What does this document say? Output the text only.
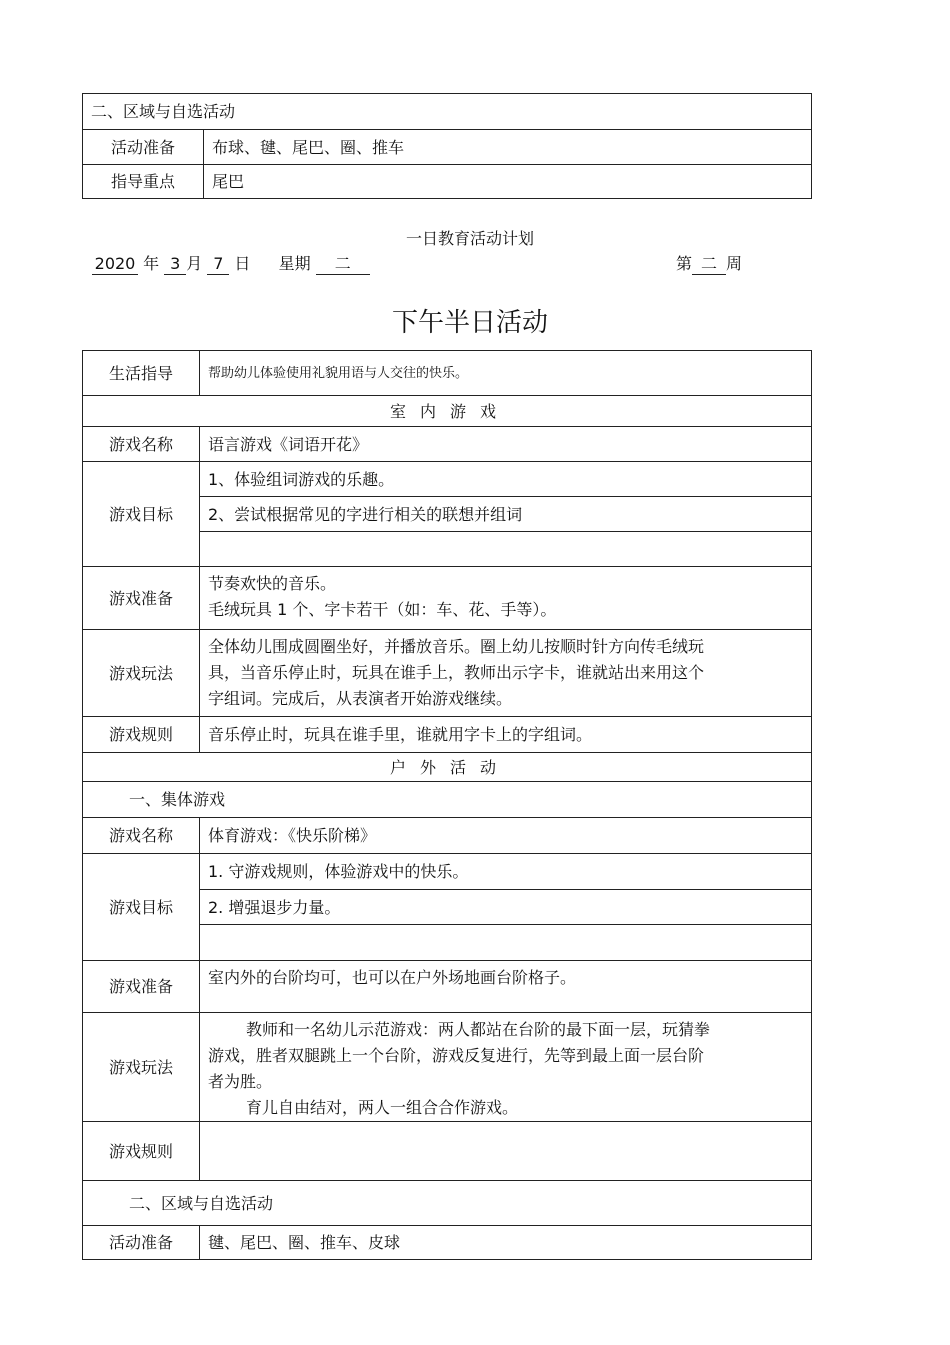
二、区域与自选活动	
活动准备	布球、毽、尾巴、圈、推车
指导重点	尾巴
一日教育活动计划
2020 年 3 月 7 日 星期 二	第 二 周
下午半日活动
生活指导	帮助幼儿体验使用礼貌用语与人交往的快乐。
室内游戏	
游戏名称	语言游戏《词语开花》
游戏目标	1、体验组词游戏的乐趣。
	2、尝试根据常见的字进行相关的联想并组词

游戏准备	节奏欢快的音乐。
毛绒玩具 1 个、字卡若干（如：车、花、手等）。

游戏玩法	全体幼儿围成圆圈坐好，并播放音乐。圈上幼儿按顺时针方向传毛绒玩
具，当音乐停止时，玩具在谁手上，教师出示字卡，谁就站出来用这个
字组词。完成后，从表演者开始游戏继续。

游戏规则	音乐停止时，玩具在谁手里，谁就用字卡上的字组词。
户外活动	
一、集体游戏	
游戏名称	体育游戏：《快乐阶梯》
游戏目标	1. 守游戏规则，体验游戏中的快乐。
	2. 增强退步力量。

游戏准备	室内外的台阶均可，也可以在户外场地画台阶格子。
游戏玩法	教师和一名幼儿示范游戏：两人都站在台阶的最下面一层，玩猜拳
游戏，胜者双腿跳上一个台阶，游戏反复进行，先等到最上面一层台阶
者为胜。
育儿自由结对，两人一组合合作游戏。

游戏规则	
二、区域与自选活动	
活动准备	毽、尾巴、圈、推车、皮球
